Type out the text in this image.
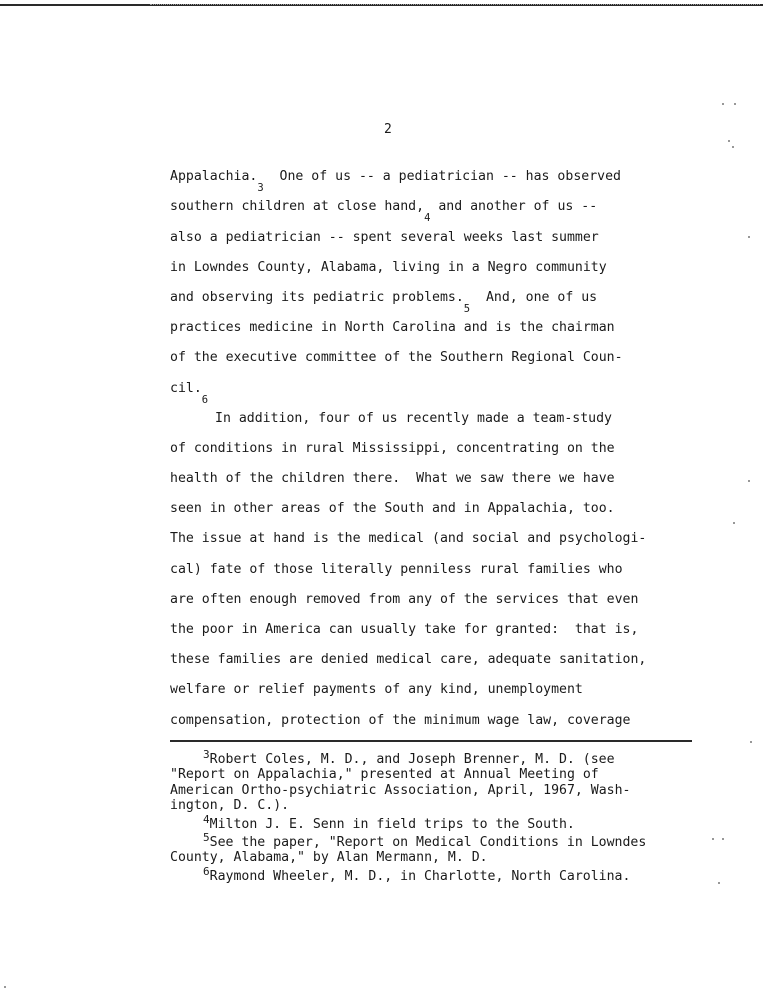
2
Appalachia.
3
One of us -- a pediatrician -- has observed
southern children at close hand,
4
and another of us --
also a pediatrician -- spent several weeks last summer
in Lowndes County, Alabama, living in a Negro community
and observing its pediatric problems.
5
And, one of us
practices medicine in North Carolina and is the chairman
of the executive committee of the Southern Regional Coun-
cil.
6
In addition, four of us recently made a team-study
of conditions in rural Mississippi, concentrating on the
health of the children there.  What we saw there we have
seen in other areas of the South and in Appalachia, too.
The issue at hand is the medical (and social and psychologi-
cal) fate of those literally penniless rural families who
are often enough removed from any of the services that even
the poor in America can usually take for granted:  that is,
these families are denied medical care, adequate sanitation,
welfare or relief payments of any kind, unemployment
compensation, protection of the minimum wage law, coverage
$^3$Robert Coles, M. D., and Joseph Brenner, M. D. (see
"Report on Appalachia," presented at Annual Meeting of
American Ortho-psychiatric Association, April, 1967, Wash-
ington, D. C.).
$^4$Milton J. E. Senn in field trips to the South.
$^5$See the paper, "Report on Medical Conditions in Lowndes
County, Alabama," by Alan Mermann, M. D.
$^6$Raymond Wheeler, M. D., in Charlotte, North Carolina.
